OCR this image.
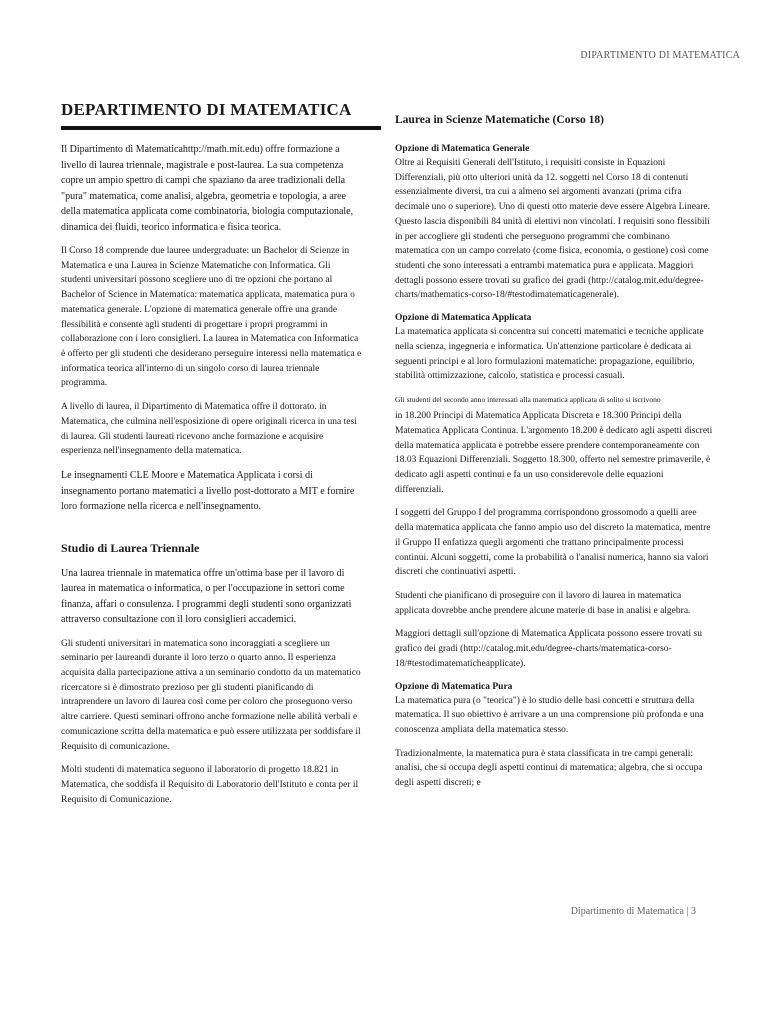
DIPARTIMENTO DI MATEMATICA
DEPARTIMENTO DI MATEMATICA

Il Dipartimento di Matematicahttp://math.mit.edu) offre formazione a livello di laurea triennale, magistrale e post-laurea. La sua competenza copre un ampio spettro di campi che spaziano da aree tradizionali della "pura" matematica, come analisi, algebra, geometria e topologia, a aree della matematica applicata come combinatoria, biologia computazionale, dinamica dei fluidi, teorico informatica e fisica teorica.

Il Corso 18 comprende due lauree undergraduate: un Bachelor di Scienze in Matematica e una Laurea in Scienze Matematiche con Informatica. Gli studenti universitari possono scegliere uno di tre opzioni che portano al Bachelor of Science in Matematica: matematica applicata, matematica pura o matematica generale. L'opzione di matematica generale offre una grande flessibilità e consente agli studenti di progettare i propri programmi in collaborazione con i loro consiglieri. La laurea in Matematica con Informatica è offerto per gli studenti che desiderano perseguire interessi nella matematica e informatica teorica all'interno di un singolo corso di laurea triennale programma.

A livello di laurea, il Dipartimento di Matematica offre il dottorato. in Matematica, che culmina nell'esposizione di opere originali ricerca in una tesi di laurea. Gli studenti laureati ricevono anche formazione e acquisire esperienza nell'insegnamento della matematica.

Le insegnamenti CLE Moore e Matematica Applicata i corsi di insegnamento portano matematici a livello post-dottorato a MIT e fornire loro formazione nella ricerca e nell'insegnamento.

Studio di Laurea Triennale

Una laurea triennale in matematica offre un'ottima base per il lavoro di laurea in matematica o informatica, o per l'occupazione in settori come finanza, affari o consulenza. I programmi degli studenti sono organizzati attraverso consultazione con il loro consiglieri accademici.

Gli studenti universitari in matematica sono incoraggiati a scegliere un seminario per laureandi durante il loro terzo o quarto anno. Il esperienza acquisita dalla partecipazione attiva a un seminario condotto da un matematico ricercatore si è dimostrato prezioso per gli studenti pianificando di intraprendere un lavoro di laurea così come per coloro che proseguono verso altre carriere. Questi seminari offrono anche formazione nelle abilità verbali e comunicazione scritta della matematica e può essere utilizzata per soddisfare il Requisito di comunicazione.

Molti studenti di matematica seguono il laboratorio di progetto 18.821 in Matematica, che soddisfa il Requisito di Laboratorio dell'Istituto e conta per il Requisito di Comunicazione.

Laurea in Scienze Matematiche (Corso 18)
Opzione di Matematica Generale

Oltre ai Requisiti Generali dell'Istituto, i requisiti consiste in Equazioni Differenziali, più otto ulteriori unità da 12. soggetti nel Corso 18 di contenuti essenzialmente diversi, tra cui a almeno sei argomenti avanzati (prima cifra decimale uno o superiore). Uno di questi otto materie deve essere Algebra Lineare. Questo lascia disponibili 84 unità di elettivi non vincolati. I requisiti sono flessibili in per accogliere gli studenti che perseguono programmi che combinano matematica con un campo correlato (come fisica, economia, o gestione) così come studenti che sono interessati a entrambi matematica pura e applicata. Maggiori dettagli possono essere trovati su grafico dei gradi (http://catalog.mit.edu/degree-charts/mathematics-corso-18/#testodimatematicagenerale).

Opzione di Matematica Applicata

La matematica applicata si concentra sui concetti matematici e tecniche applicate nella scienza, ingegneria e informatica. Un'attenzione particolare è dedicata ai seguenti principi e al loro formulazioni matematiche: propagazione, equilibrio, stabilità ottimizzazione, calcolo, statistica e processi casuali.

Gli studenti del secondo anno interessati alla matematica applicata di solito si iscrivono

in 18.200 Principi di Matematica Applicata Discreta e 18.300 Principi della Matematica Applicata Continua. L'argomento 18.200 è dedicato agli aspetti discreti della matematica applicata e potrebbe essere prendere contemporaneamente con 18.03 Equazioni Differenziali. Soggetto 18.300, offerto nel semestre primaverile, è dedicato agli aspetti continui e fa un uso considerevole delle equazioni differenziali.

I soggetti del Gruppo I del programma corrispondono grossomodo a quelli aree della matematica applicata che fanno ampio uso del discreto la matematica, mentre il Gruppo II enfatizza quegli argomenti che trattano principalmente processi continui. Alcuni soggetti, come la probabilità o l'analisi numerica, hanno sia valori discreti che continuativi aspetti.

Studenti che pianificano di proseguire con il lavoro di laurea in matematica applicata dovrebbe anche prendere alcune materie di base in analisi e algebra.

Maggiori dettagli sull'opzione di Matematica Applicata possono essere trovati su grafico dei gradi (http://catalog.mit.edu/degree-charts/matematica-corso-18/#testodimatematicheapplicate).

Opzione di Matematica Pura

La matematica pura (o "teorica") è lo studio delle basi concetti e struttura della matematica. Il suo obiettivo è arrivare a un una comprensione più profonda e una conoscenza ampliata della matematica stesso.

Tradizionalmente, la matematica pura è stata classificata in tre campi generali: analisi, che si occupa degli aspetti continui di matematica; algebra, che si occupa degli aspetti discreti; e

Dipartimento di Matematica | 3
